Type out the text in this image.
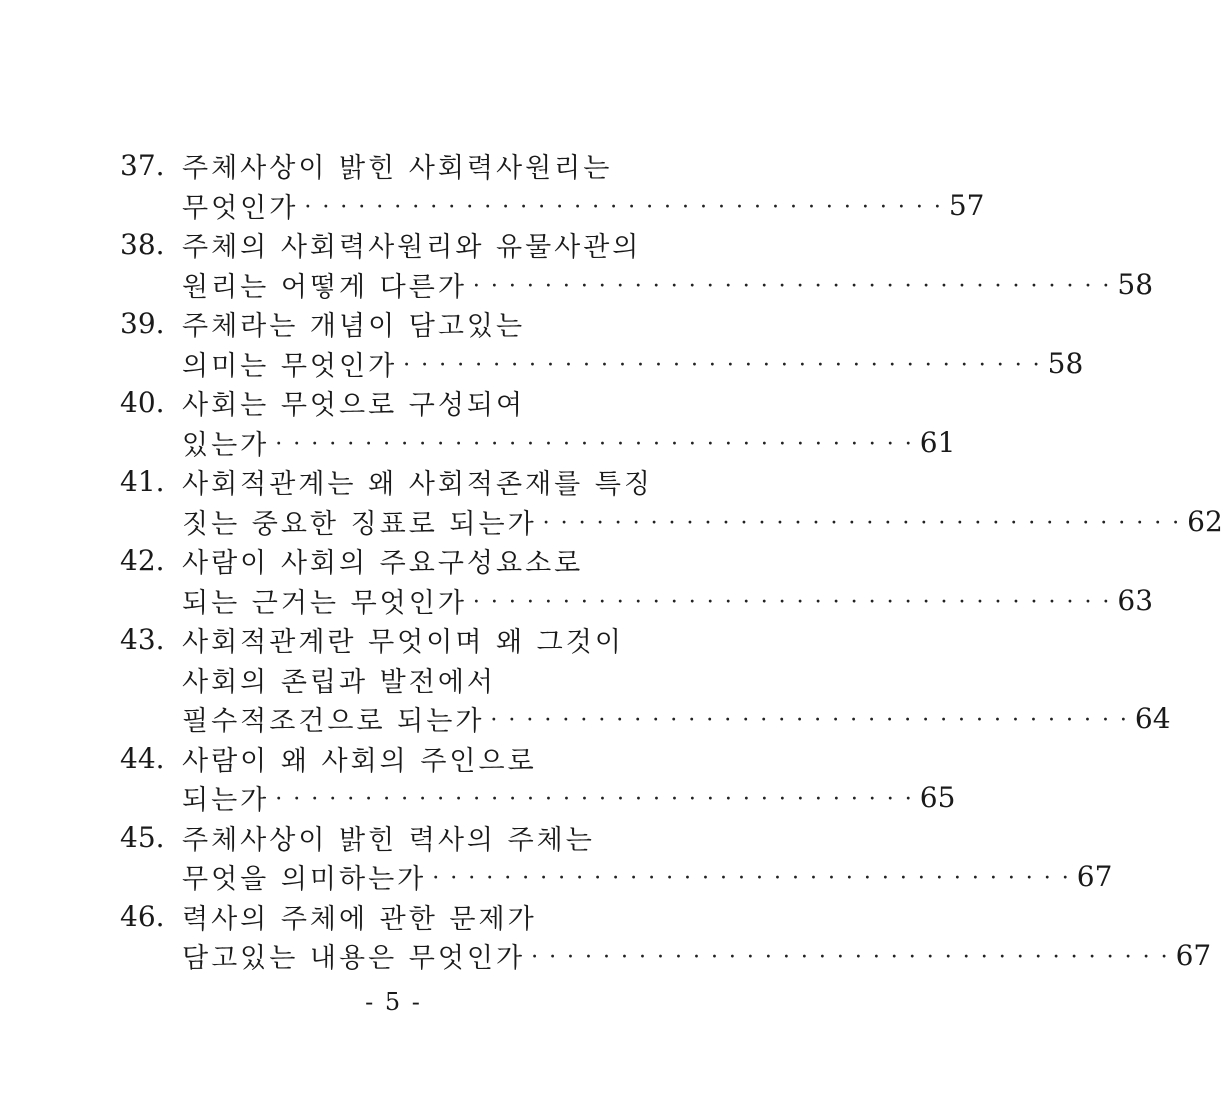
37. 주체사상이 밝힌 사회력사원리는
무엇인가 · · · · · · · · · · · · · · · · · · · · · · · · · · · · · · · · · · · · 57
38. 주체의 사회력사원리와 유물사관의
원리는 어떻게 다른가 · · · · · · · · · · · · · · · · · · · · · · · · · · · · · · · · · · · · 58
39. 주체라는 개념이 담고있는
의미는 무엇인가 · · · · · · · · · · · · · · · · · · · · · · · · · · · · · · · · · · · · 58
40. 사회는 무엇으로 구성되여
있는가 · · · · · · · · · · · · · · · · · · · · · · · · · · · · · · · · · · · · 61
41. 사회적관계는 왜 사회적존재를 특징
짓는 중요한 징표로 되는가 · · · · · · · · · · · · · · · · · · · · · · · · · · · · · · · · · · · · 62
42. 사람이 사회의 주요구성요소로
되는 근거는 무엇인가 · · · · · · · · · · · · · · · · · · · · · · · · · · · · · · · · · · · · 63
43. 사회적관계란 무엇이며 왜 그것이
사회의 존립과 발전에서
필수적조건으로 되는가 · · · · · · · · · · · · · · · · · · · · · · · · · · · · · · · · · · · · 64
44. 사람이 왜 사회의 주인으로
되는가 · · · · · · · · · · · · · · · · · · · · · · · · · · · · · · · · · · · · 65
45. 주체사상이 밝힌 력사의 주체는
무엇을 의미하는가 · · · · · · · · · · · · · · · · · · · · · · · · · · · · · · · · · · · · 67
46. 력사의 주체에 관한 문제가
담고있는 내용은 무엇인가 · · · · · · · · · · · · · · · · · · · · · · · · · · · · · · · · · · · · 67
- 5 -
